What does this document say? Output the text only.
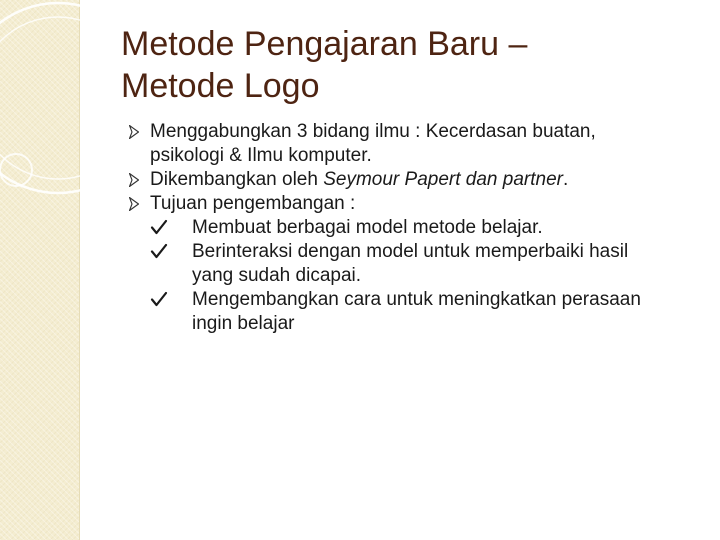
Metode Pengajaran Baru –
Metode Logo
Menggabungkan 3 bidang ilmu : Kecerdasan buatan,
psikologi & Ilmu komputer.
Dikembangkan oleh Seymour Papert dan partner.
Tujuan pengembangan :
Membuat berbagai model metode belajar.
Berinteraksi dengan model untuk memperbaiki hasil
yang sudah dicapai.
Mengembangkan cara untuk meningkatkan perasaan
ingin belajar
